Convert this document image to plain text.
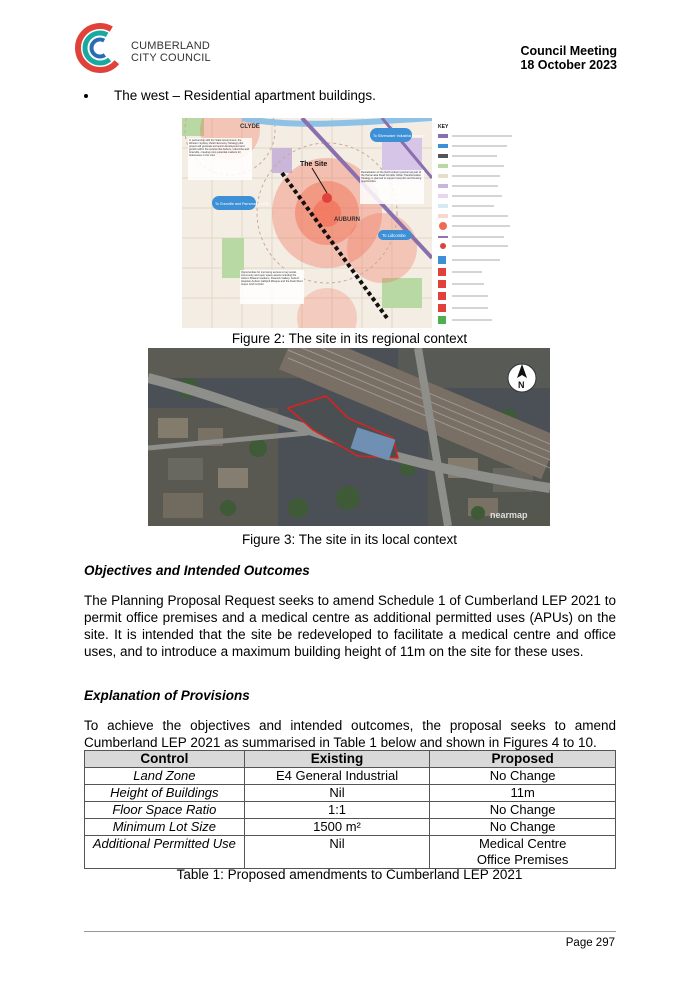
CUMBERLAND
CITY COUNCIL	Council Meeting
18 October 2023
The west – Residential apartment buildings.
The Site
AUBURN
CLYDE
To Silverwater Industrial precinct
To Granville and Parramatta CBD
To Lidcombe
In partnership with the State Government, the Western Sydney Visitor Economy Strategy pilot project will generate economic development and growth within the centres like Auburn, Lidcombe and Granville, creating more potential markets for businesses in the LGA
Revitalisation of the North Auburn precinct as part of the Parramatta Road Corridor Urban Transformation Strategy is planned to support new jobs and housing opportunities
Opportunities for improving access to key social, community and open space assets including the Auburn Botanic Gardens, Peacock Gallery, Auburn Hospital, Auburn Gallipoli Mosque and the Duck River Green Grid Corridor
KEY
Figure 2: The site in its regional context
N
nearmap
Figure 3: The site in its local context
Objectives and Intended Outcomes
The Planning Proposal Request seeks to amend Schedule 1 of Cumberland LEP 2021 to permit office premises and a medical centre as additional permitted uses (APUs) on the site. It is intended that the site be redeveloped to facilitate a medical centre and office uses, and to introduce a maximum building height of 11m on the site for these uses.
Explanation of Provisions
To achieve the objectives and intended outcomes, the proposal seeks to amend Cumberland LEP 2021 as summarised in Table 1 below and shown in Figures 4 to 10.
Control	Existing	Proposed
Land Zone	E4 General Industrial	No Change
Height of Buildings	Nil	11m
Floor Space Ratio	1:1	No Change
Minimum Lot Size	1500 m²	No Change
Additional Permitted Use	Nil	Medical Centre
Office Premises
Table 1: Proposed amendments to Cumberland LEP 2021
Page 297
